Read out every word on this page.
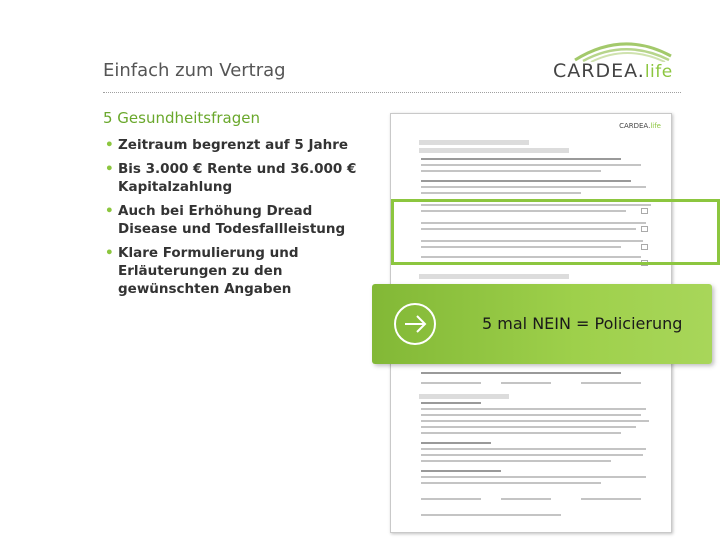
Einfach zum Vertrag	CARDEA.life
5 Gesundheitsfragen
• Zeitraum begrenzt auf 5 Jahre
• Bis 3.000 € Rente und 36.000 € Kapitalzahlung
• Auch bei Erhöhung Dread Disease und Todesfallleistung
• Klare Formulierung und Erläuterungen zu den gewünschten Angaben
CARDEA.life
5 mal NEIN = Policierung
